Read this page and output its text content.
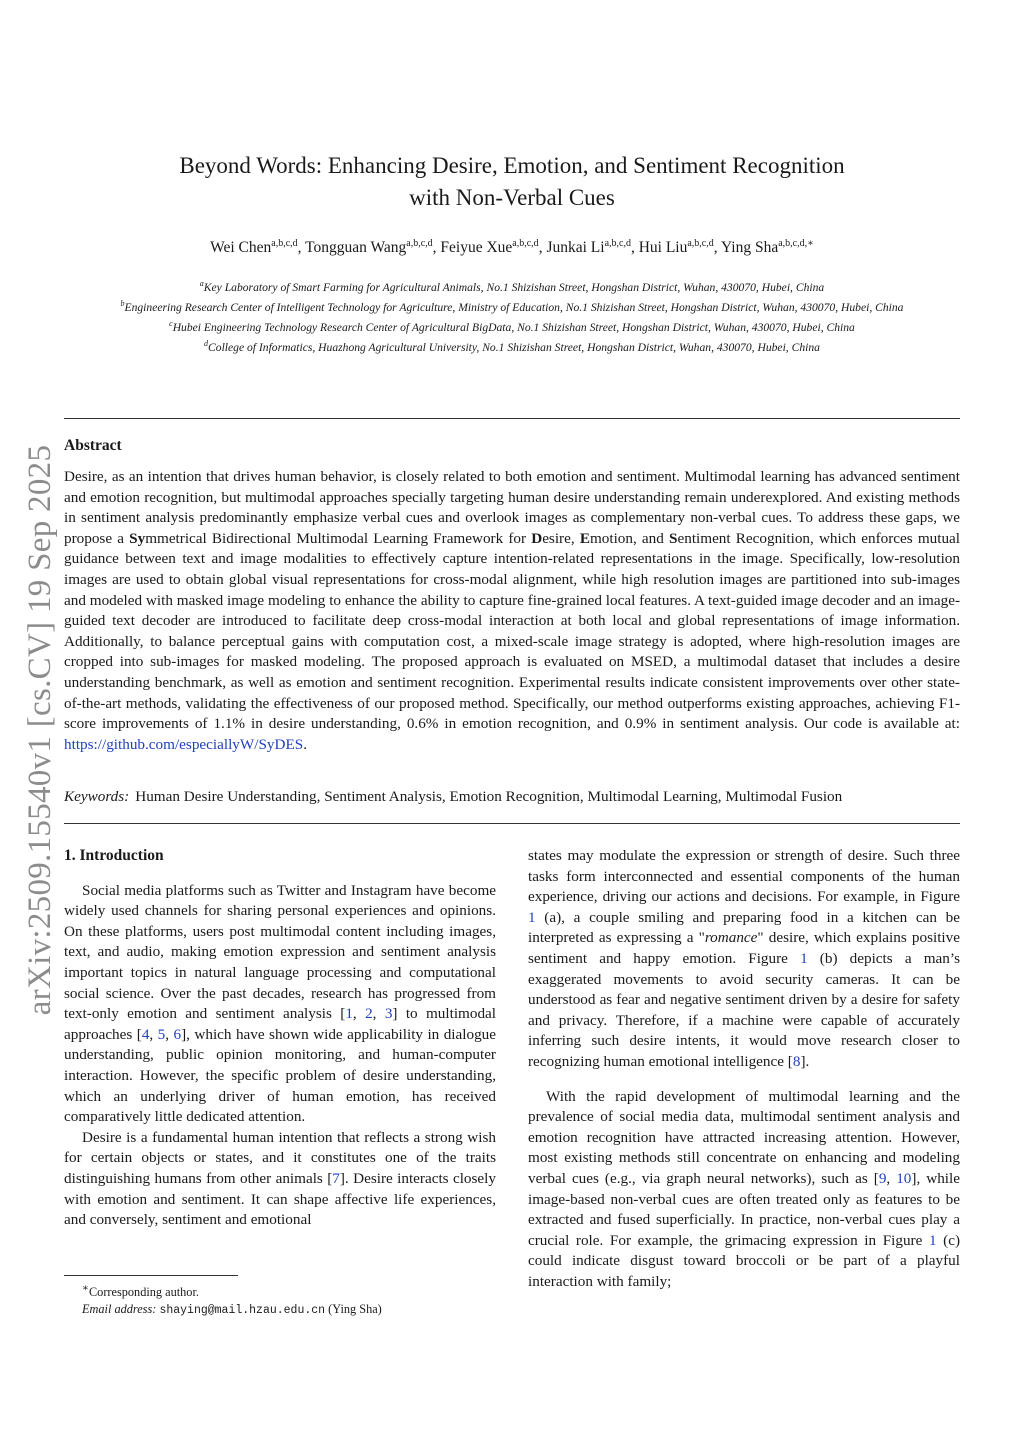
arXiv:2509.15540v1 [cs.CV] 19 Sep 2025
Beyond Words: Enhancing Desire, Emotion, and Sentiment Recognition
with Non-Verbal Cues
Wei Chen$^{a,b,c,d}$, Tongguan Wang$^{a,b,c,d}$, Feiyue Xue$^{a,b,c,d}$, Junkai Li$^{a,b,c,d}$, Hui Liu$^{a,b,c,d}$, Ying Sha$^{a,b,c,d,∗}$
$^a$Key Laboratory of Smart Farming for Agricultural Animals, No.1 Shizishan Street, Hongshan District, Wuhan, 430070, Hubei, China
$^b$Engineering Research Center of Intelligent Technology for Agriculture, Ministry of Education, No.1 Shizishan Street, Hongshan District, Wuhan, 430070, Hubei, China
$^c$Hubei Engineering Technology Research Center of Agricultural BigData, No.1 Shizishan Street, Hongshan District, Wuhan, 430070, Hubei, China
$^d$College of Informatics, Huazhong Agricultural University, No.1 Shizishan Street, Hongshan District, Wuhan, 430070, Hubei, China
Abstract
Desire, as an intention that drives human behavior, is closely related to both emotion and sentiment. Multimodal learning has advanced sentiment and emotion recognition, but multimodal approaches specially targeting human desire understanding remain underexplored. And existing methods in sentiment analysis predominantly emphasize verbal cues and overlook images as complementary non-verbal cues. To address these gaps, we propose a Symmetrical Bidirectional Multimodal Learning Framework for Desire, Emotion, and Sentiment Recognition, which enforces mutual guidance between text and image modalities to effectively capture intention-related representations in the image. Specifically, low-resolution images are used to obtain global visual representations for cross-modal alignment, while high resolution images are partitioned into sub-images and modeled with masked image modeling to enhance the ability to capture fine-grained local features. A text-guided image decoder and an image-guided text decoder are introduced to facilitate deep cross-modal interaction at both local and global representations of image information. Additionally, to balance perceptual gains with computation cost, a mixed-scale image strategy is adopted, where high-resolution images are cropped into sub-images for masked modeling. The proposed approach is evaluated on MSED, a multimodal dataset that includes a desire understanding benchmark, as well as emotion and sentiment recognition. Experimental results indicate consistent improvements over other state-of-the-art methods, validating the effectiveness of our proposed method. Specifically, our method outperforms existing approaches, achieving F1-score improvements of 1.1% in desire understanding, 0.6% in emotion recognition, and 0.9% in sentiment analysis. Our code is available at: https://github.com/especiallyW/SyDES.
Keywords: Human Desire Understanding, Sentiment Analysis, Emotion Recognition, Multimodal Learning, Multimodal Fusion
1. Introduction

Social media platforms such as Twitter and Instagram have become widely used channels for sharing personal experiences and opinions. On these platforms, users post multimodal content including images, text, and audio, making emotion expression and sentiment analysis important topics in natural language processing and computational social science. Over the past decades, research has progressed from text-only emotion and sentiment analysis [1, 2, 3] to multimodal approaches [4, 5, 6], which have shown wide applicability in dialogue understanding, public opinion monitoring, and human-computer interaction. However, the specific problem of desire understanding, which an underlying driver of human emotion, has received comparatively little dedicated attention.

Desire is a fundamental human intention that reflects a strong wish for certain objects or states, and it constitutes one of the traits distinguishing humans from other animals [7]. Desire interacts closely with emotion and sentiment. It can shape affective life experiences, and conversely, sentiment and emotional

states may modulate the expression or strength of desire. Such three tasks form interconnected and essential components of the human experience, driving our actions and decisions. For example, in Figure 1 (a), a couple smiling and preparing food in a kitchen can be interpreted as expressing a "romance" desire, which explains positive sentiment and happy emotion. Figure 1 (b) depicts a man’s exaggerated movements to avoid security cameras. It can be understood as fear and negative sentiment driven by a desire for safety and privacy. Therefore, if a machine were capable of accurately inferring such desire intents, it would move research closer to recognizing human emotional intelligence [8].

With the rapid development of multimodal learning and the prevalence of social media data, multimodal sentiment analysis and emotion recognition have attracted increasing attention. However, most existing methods still concentrate on enhancing and modeling verbal cues (e.g., via graph neural networks), such as [9, 10], while image-based non-verbal cues are often treated only as features to be extracted and fused superficially. In practice, non-verbal cues play a crucial role. For example, the grimacing expression in Figure 1 (c) could indicate disgust toward broccoli or be part of a playful interaction with family;

∗Corresponding author.

Email address: shaying@mail.hzau.edu.cn (Ying Sha)
